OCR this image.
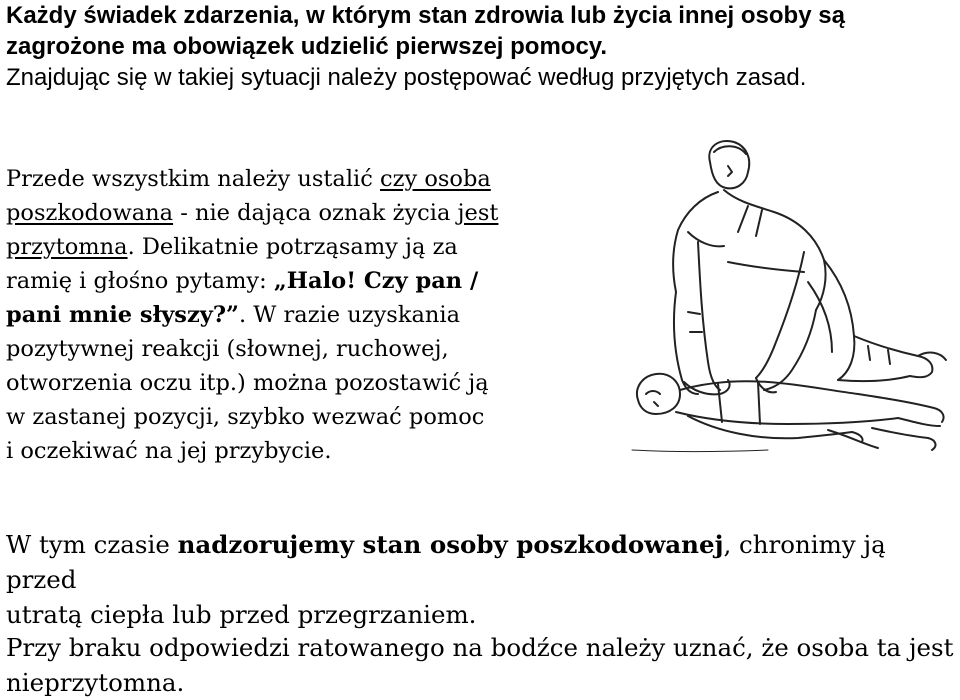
Każdy świadek zdarzenia, w którym stan zdrowia lub życia innej osoby są
zagrożone ma obowiązek udzielić pierwszej pomocy.
Znajdując się w takiej sytuacji należy postępować według przyjętych zasad.
Przede wszystkim należy ustalić czy osoba
poszkodowana - nie dająca oznak życia jest
przytomna. Delikatnie potrząsamy ją za
ramię i głośno pytamy: „Halo! Czy pan /
pani mnie słyszy?”. W razie uzyskania
pozytywnej reakcji (słownej, ruchowej,
otworzenia oczu itp.) można pozostawić ją
w zastanej pozycji, szybko wezwać pomoc
i oczekiwać na jej przybycie.
W tym czasie nadzorujemy stan osoby poszkodowanej, chronimy ją przed
utratą ciepła lub przed przegrzaniem.
Przy braku odpowiedzi ratowanego na bodźce należy uznać, że osoba ta jest
nieprzytomna.
